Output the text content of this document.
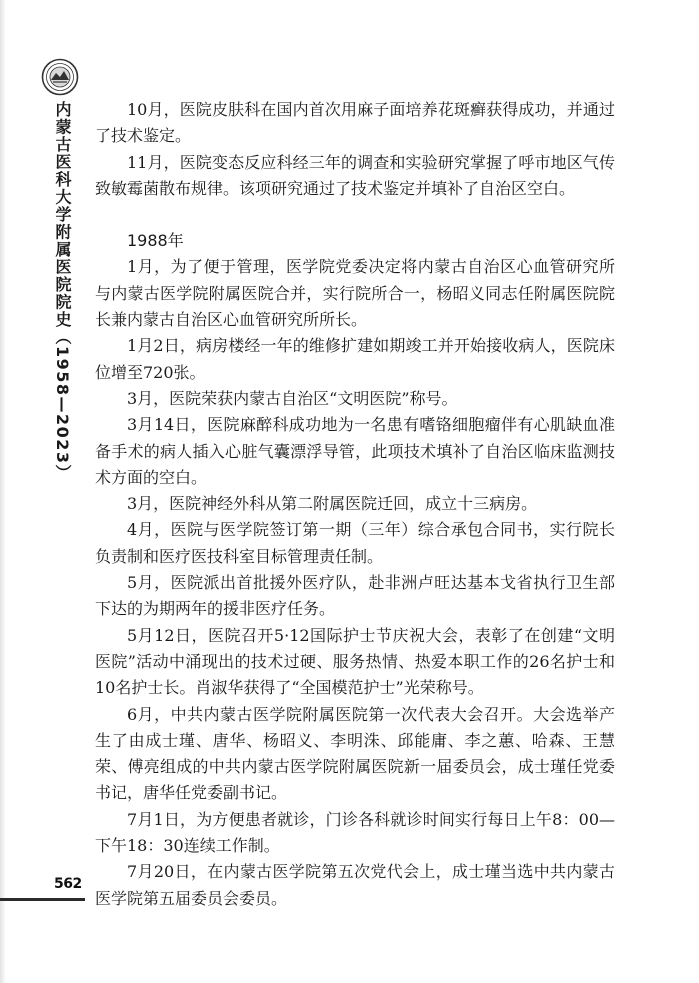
内蒙古医科大学附属医院院史（1958—2023）
562

10月，医院皮肤科在国内首次用麻子面培养花斑癣获得成功，并通过了技术鉴定。

11月，医院变态反应科经三年的调查和实验研究掌握了呼市地区气传致敏霉菌散布规律。该项研究通过了技术鉴定并填补了自治区空白。

1988年

1月，为了便于管理，医学院党委决定将内蒙古自治区心血管研究所与内蒙古医学院附属医院合并，实行院所合一，杨昭义同志任附属医院院长兼内蒙古自治区心血管研究所所长。

1月2日，病房楼经一年的维修扩建如期竣工并开始接收病人，医院床位增至720张。

3月，医院荣获内蒙古自治区“文明医院”称号。

3月14日，医院麻醉科成功地为一名患有嗜铬细胞瘤伴有心肌缺血准备手术的病人插入心脏气囊漂浮导管，此项技术填补了自治区临床监测技术方面的空白。

3月，医院神经外科从第二附属医院迁回，成立十三病房。

4月，医院与医学院签订第一期（三年）综合承包合同书，实行院长负责制和医疗医技科室目标管理责任制。

5月，医院派出首批援外医疗队，赴非洲卢旺达基本戈省执行卫生部下达的为期两年的援非医疗任务。

5月12日，医院召开5·12国际护士节庆祝大会，表彰了在创建“文明医院”活动中涌现出的技术过硬、服务热情、热爱本职工作的26名护士和10名护士长。肖淑华获得了“全国模范护士”光荣称号。

6月，中共内蒙古医学院附属医院第一次代表大会召开。大会选举产生了由成士瑾、唐华、杨昭义、李明洙、邱能庸、李之蕙、哈森、王慧荣、傅亮组成的中共内蒙古医学院附属医院新一届委员会，成士瑾任党委书记，唐华任党委副书记。

7月1日，为方便患者就诊，门诊各科就诊时间实行每日上午8：00—下午18：30连续工作制。

7月20日，在内蒙古医学院第五次党代会上，成士瑾当选中共内蒙古医学院第五届委员会委员。
